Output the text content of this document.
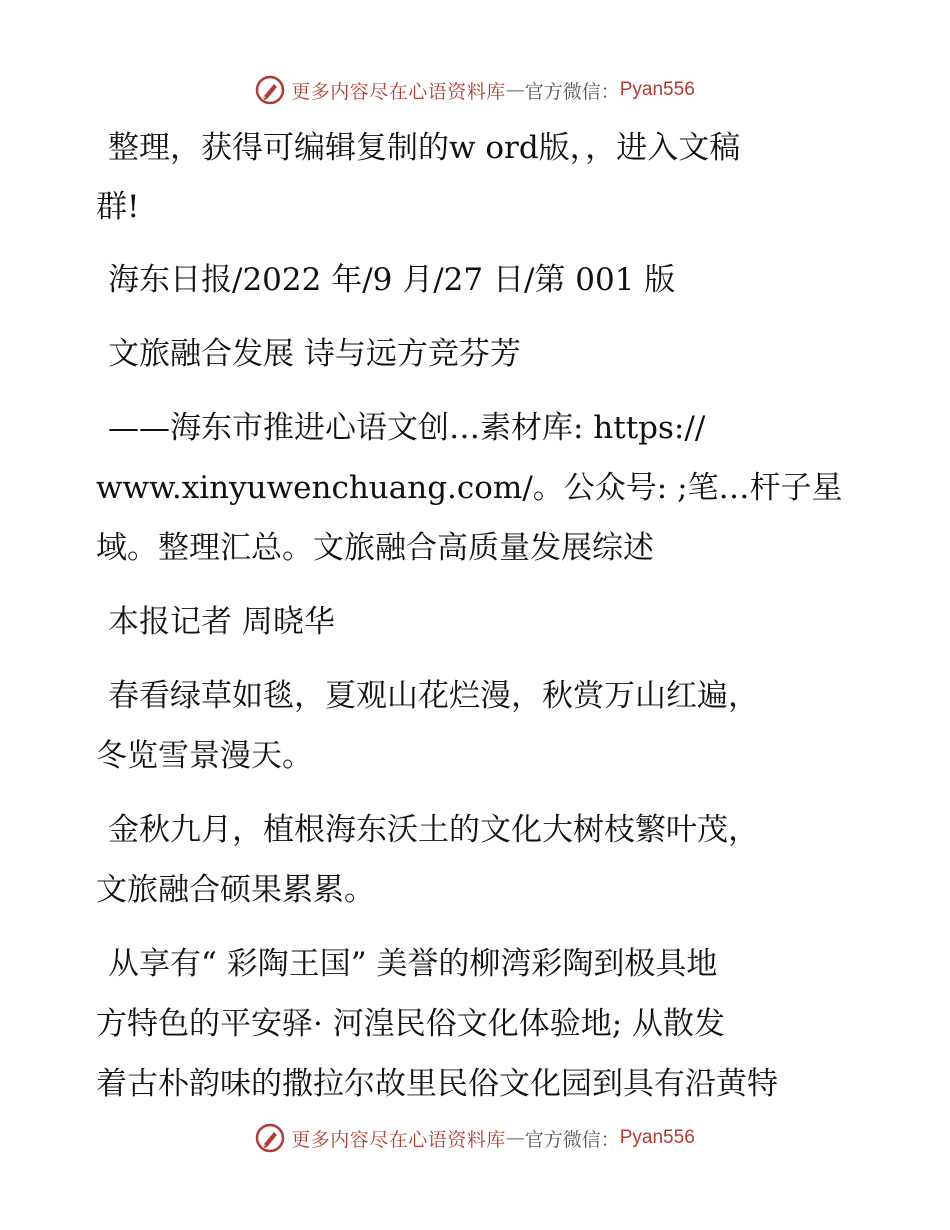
更多内容尽在心语资料库 — 官方微信： Pyan556
整理，获得可编辑复制的w ord版，，进入文稿
群!
海东日报/2022 年/9 月/27 日/第 001 版
文旅融合发展 诗与远方竞芬芳
——海东市推进心语文创…素材库: https://
www.xinyuwenchuang.com/。公众号: ;笔…杆子星
域。整理汇总。文旅融合高质量发展综述
本报记者 周晓华
春看绿草如毯，夏观山花烂漫，秋赏万山红遍，
冬览雪景漫天。
金秋九月，植根海东沃土的文化大树枝繁叶茂，
文旅融合硕果累累。
从享有“ 彩陶王国” 美誉的柳湾彩陶到极具地
方特色的平安驿· 河湟民俗文化体验地; 从散发
着古朴韵味的撒拉尔故里民俗文化园到具有沿黄特
更多内容尽在心语资料库 — 官方微信： Pyan556
